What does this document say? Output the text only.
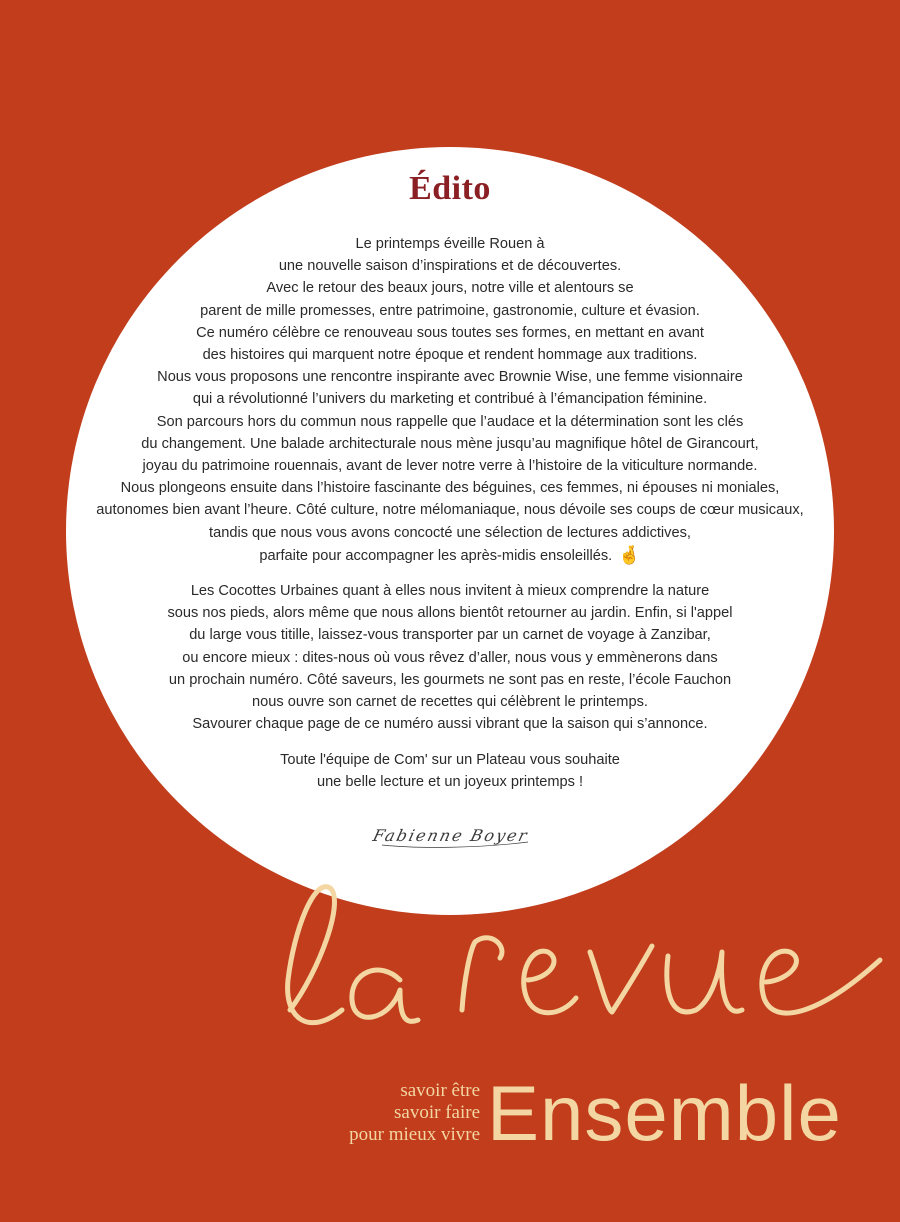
Édito
Le printemps éveille Rouen à
une nouvelle saison d’inspirations et de découvertes.
Avec le retour des beaux jours, notre ville et alentours se
parent de mille promesses, entre patrimoine, gastronomie, culture et évasion.
Ce numéro célèbre ce renouveau sous toutes ses formes, en mettant en avant
des histoires qui marquent notre époque et rendent hommage aux traditions.
Nous vous proposons une rencontre inspirante avec Brownie Wise, une femme visionnaire
qui a révolutionné l’univers du marketing et contribué à l’émancipation féminine.
Son parcours hors du commun nous rappelle que l’audace et la détermination sont les clés
du changement. Une balade architecturale nous mène jusqu’au magnifique hôtel de Girancourt,
joyau du patrimoine rouennais, avant de lever notre verre à l’histoire de la viticulture normande.
Nous plongeons ensuite dans l’histoire fascinante des béguines, ces femmes, ni épouses ni moniales,
autonomes bien avant l’heure. Côté culture, notre mélomaniaque, nous dévoile ses coups de cœur musicaux,
tandis que nous vous avons concocté une sélection de lectures addictives,
parfaite pour accompagner les après-midis ensoleillés. 🤞
Les Cocottes Urbaines quant à elles nous invitent à mieux comprendre la nature
sous nos pieds, alors même que nous allons bientôt retourner au jardin. Enfin, si l'appel
du large vous titille, laissez-vous transporter par un carnet de voyage à Zanzibar,
ou encore mieux : dites-nous où vous rêvez d’aller, nous vous y emmènerons dans
un prochain numéro. Côté saveurs, les gourmets ne sont pas en reste, l’école Fauchon
nous ouvre son carnet de recettes qui célèbrent le printemps.
Savourer chaque page de ce numéro aussi vibrant que la saison qui s’annonce.
Toute l'équipe de Com' sur un Plateau vous souhaite
une belle lecture et un joyeux printemps !
Fabienne Boyer
savoir être
savoir faire
pour mieux vivre Ensemble
